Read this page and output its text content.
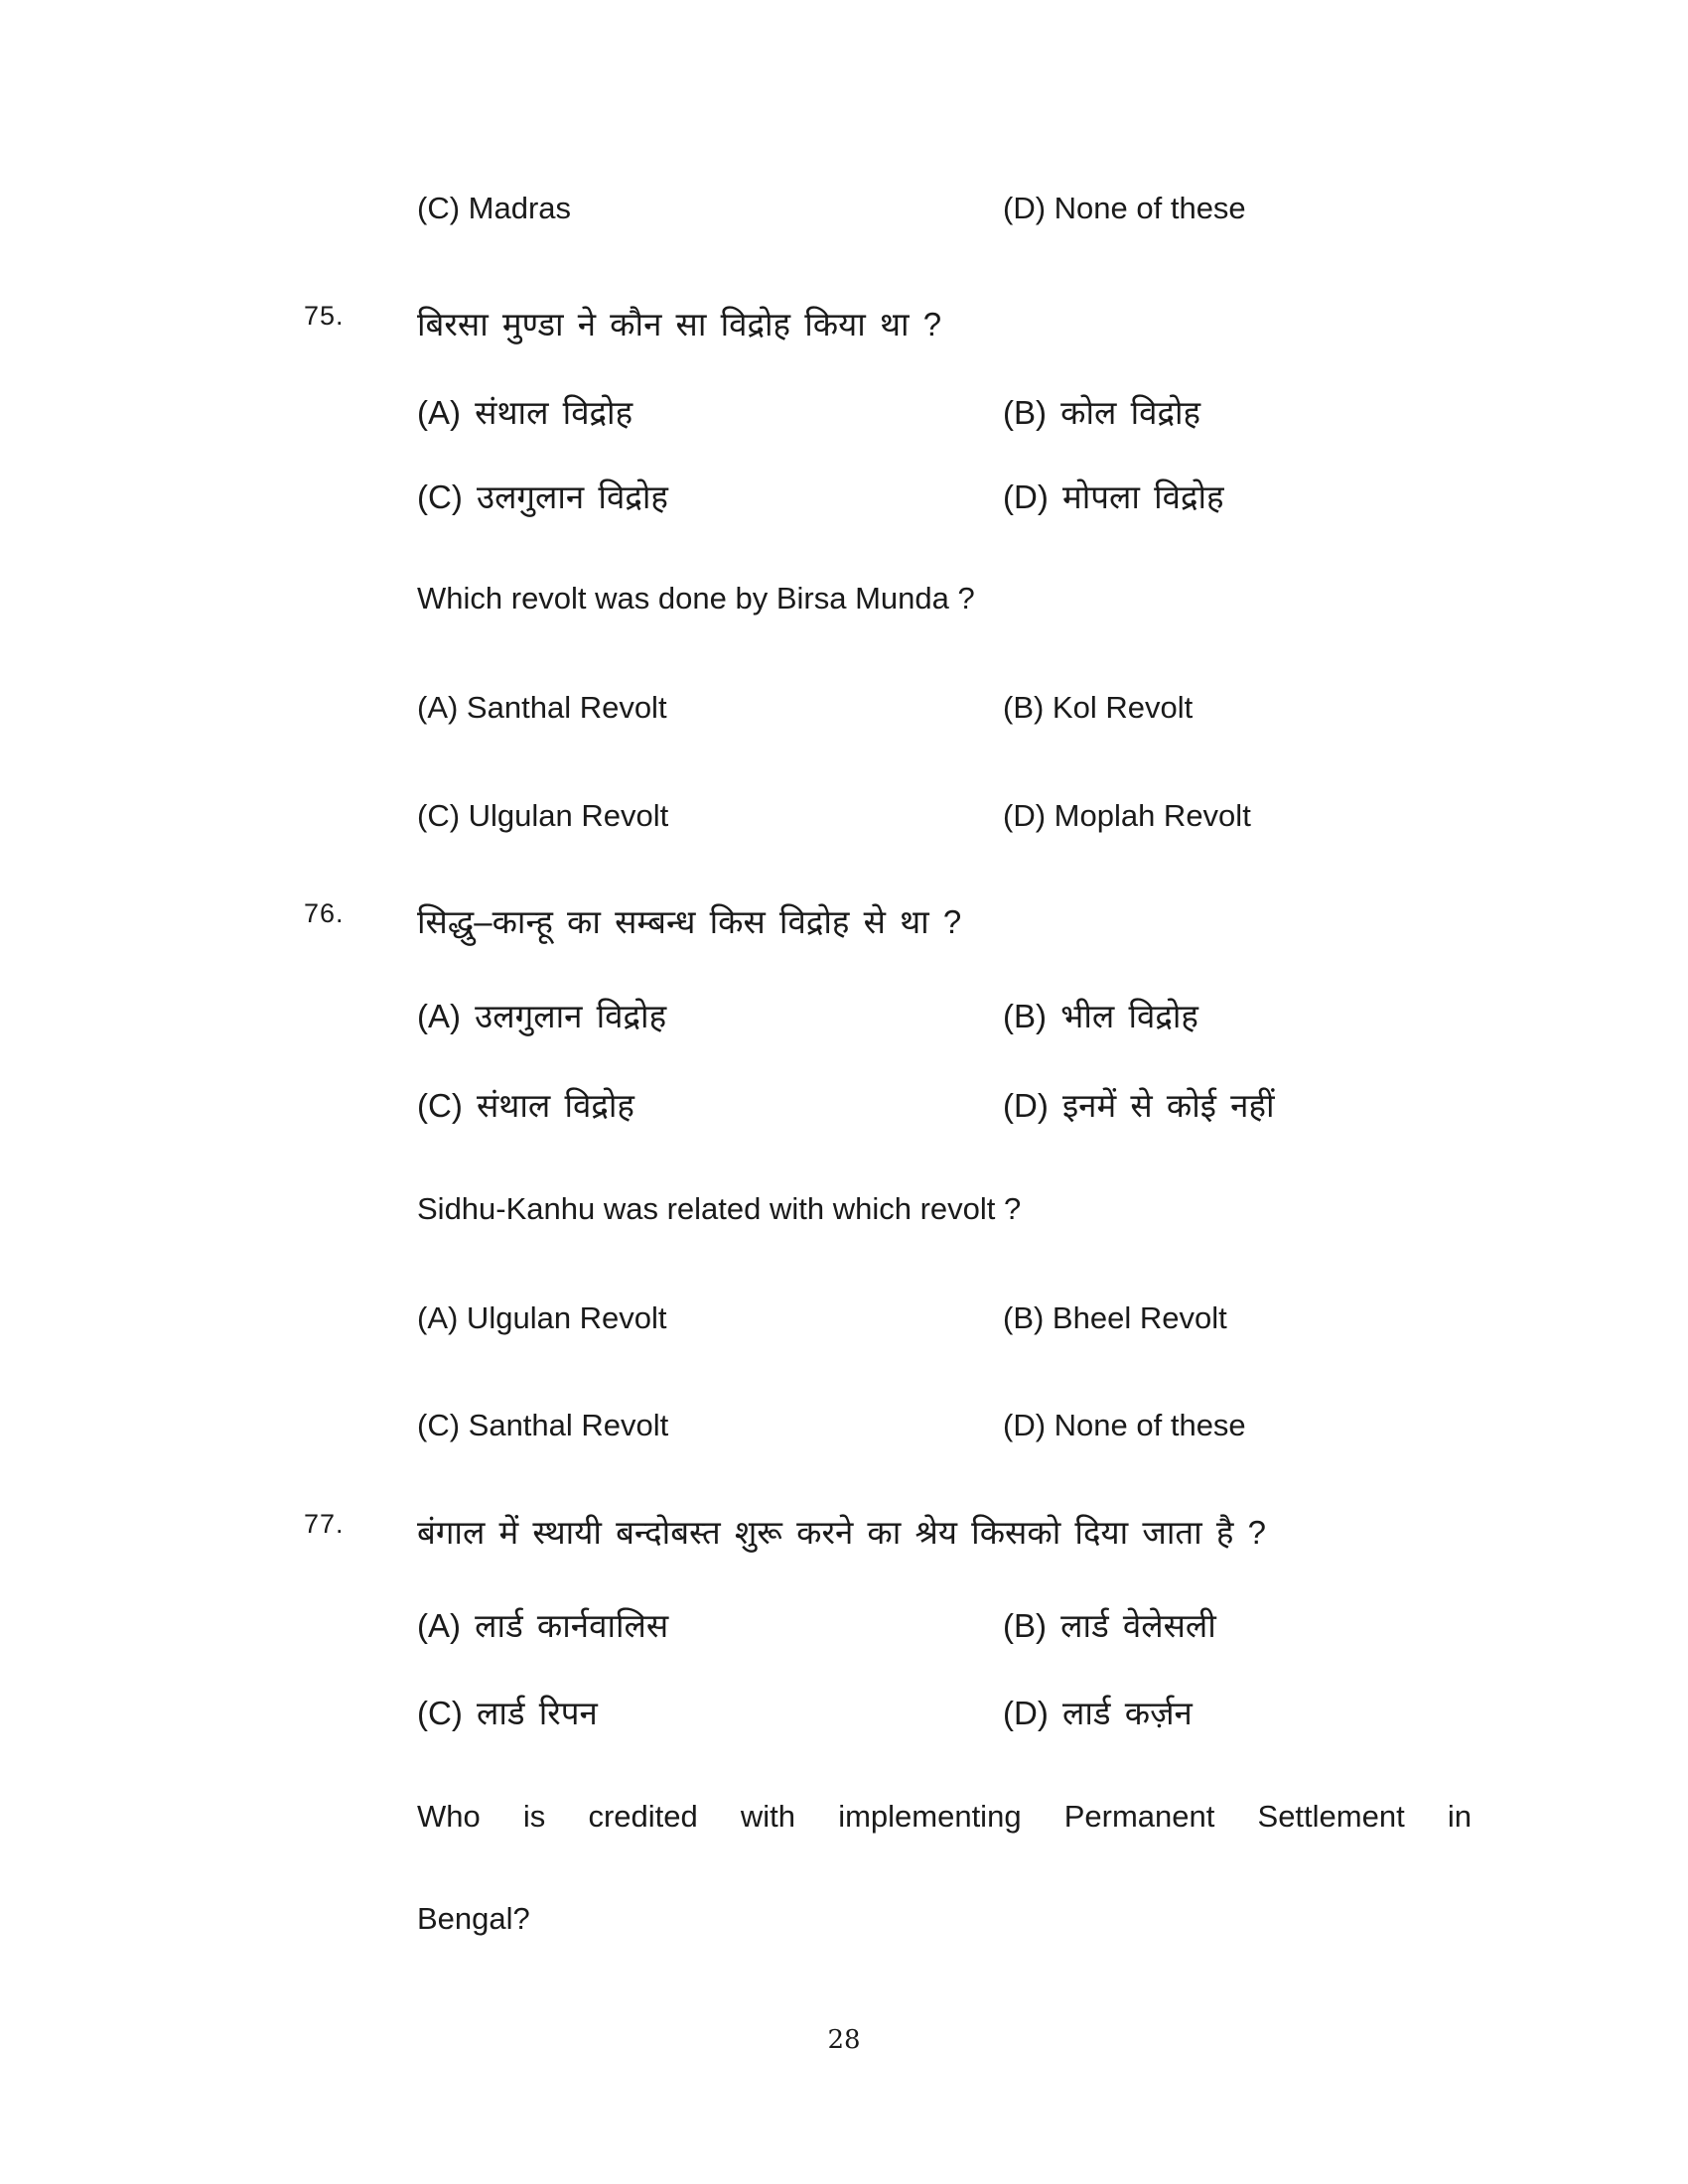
(C) Madras	(D) None of these
75. बिरसा मुण्डा ने कौन सा विद्रोह किया था ?
(A) संथाल विद्रोह	(B) कोल विद्रोह
(C) उलगुलान विद्रोह	(D) मोपला विद्रोह
Which revolt was done by Birsa Munda ?
(A) Santhal Revolt	(B) Kol Revolt
(C) Ulgulan Revolt	(D) Moplah Revolt
76. सिद्धु–कान्हू का सम्बन्ध किस विद्रोह से था ?
(A) उलगुलान विद्रोह	(B) भील विद्रोह
(C) संथाल विद्रोह	(D) इनमें से कोई नहीं
Sidhu-Kanhu was related with which revolt ?
(A) Ulgulan Revolt	(B) Bheel Revolt
(C) Santhal Revolt	(D) None of these
77. बंगाल में स्थायी बन्दोबस्त शुरू करने का श्रेय किसको दिया जाता है ?
(A) लार्ड कार्नवालिस	(B) लार्ड वेलेसली
(C) लार्ड रिपन	(D) लार्ड कर्ज़न
Who is credited with implementing Permanent Settlement in
Bengal?
28
